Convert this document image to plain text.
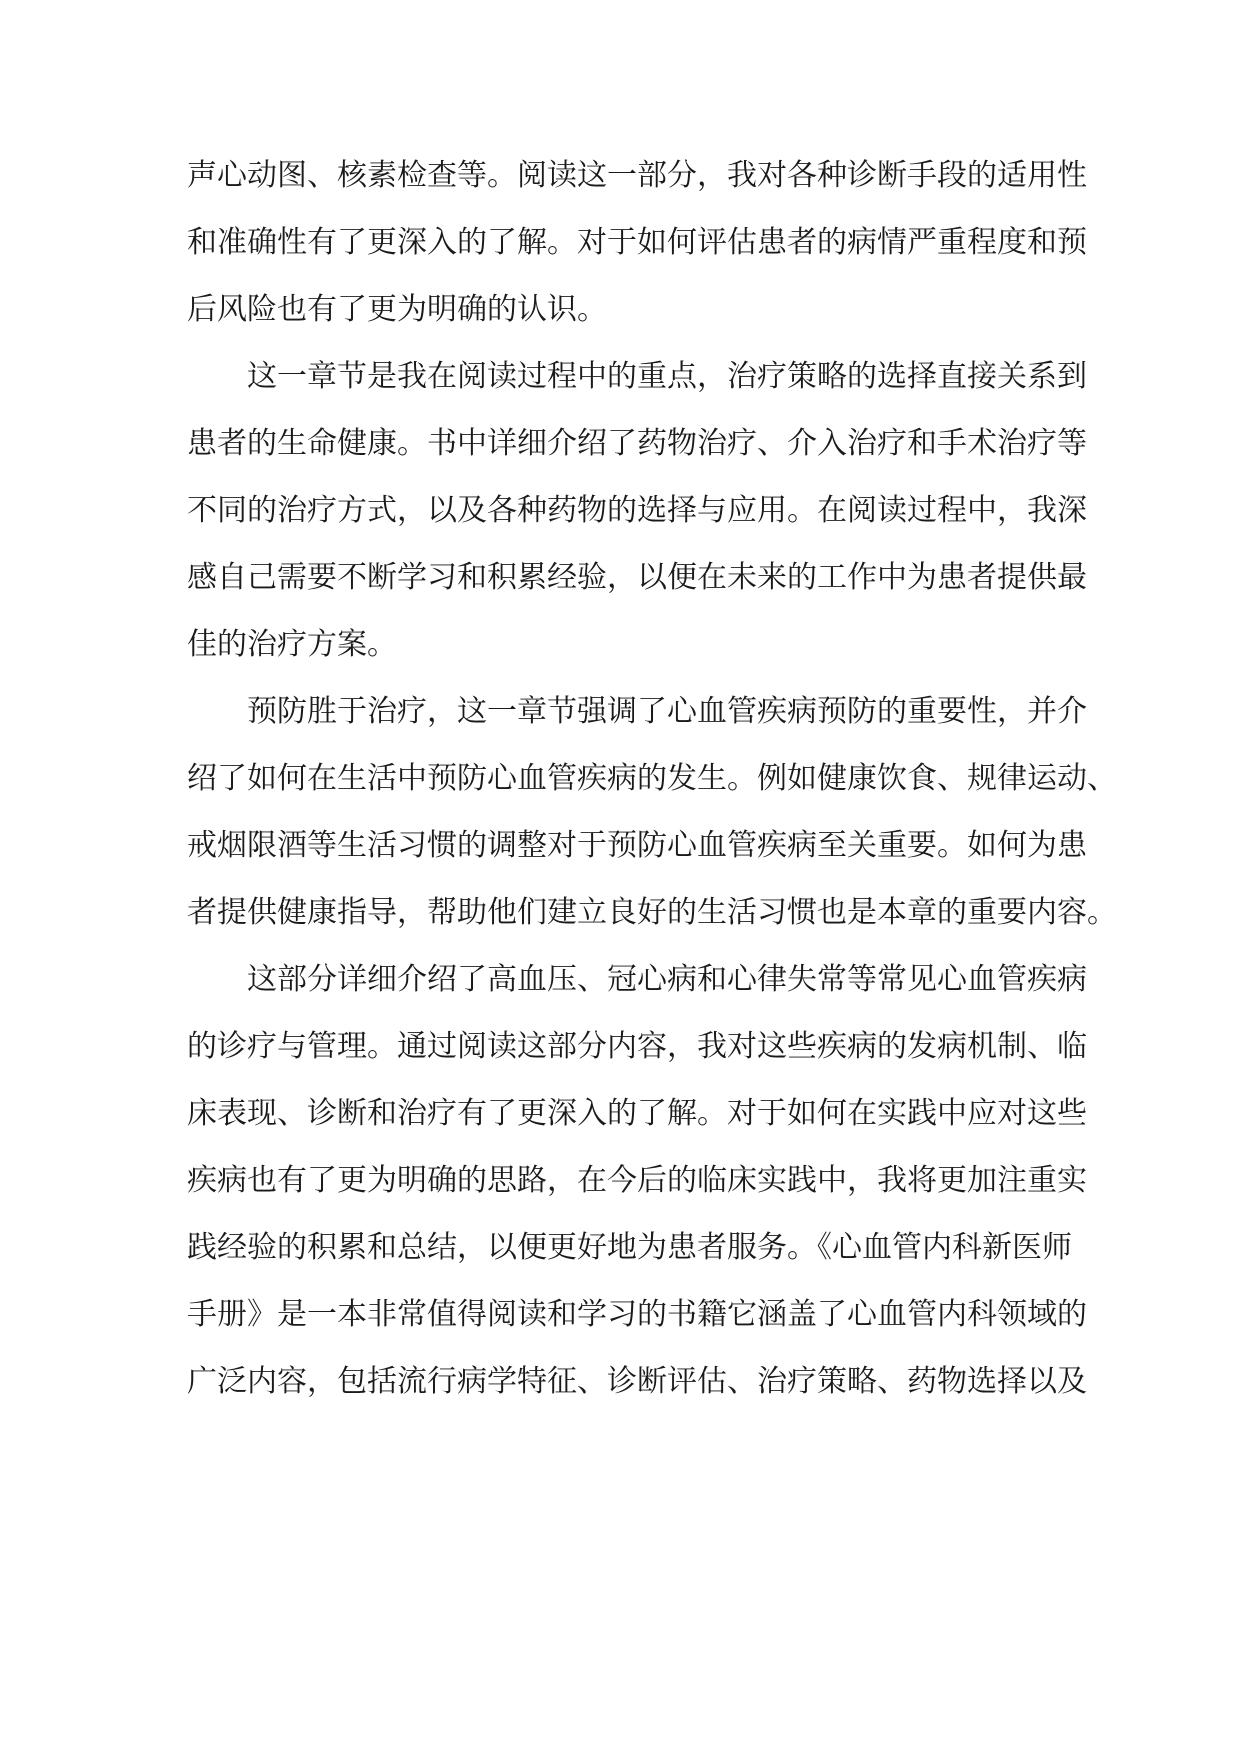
声心动图、核素检查等。阅读这一部分，我对各种诊断手段的适用性
和准确性有了更深入的了解。对于如何评估患者的病情严重程度和预
后风险也有了更为明确的认识。
这一章节是我在阅读过程中的重点，治疗策略的选择直接关系到
患者的生命健康。书中详细介绍了药物治疗、介入治疗和手术治疗等
不同的治疗方式，以及各种药物的选择与应用。在阅读过程中，我深
感自己需要不断学习和积累经验，以便在未来的工作中为患者提供最
佳的治疗方案。
预防胜于治疗，这一章节强调了心血管疾病预防的重要性，并介
绍了如何在生活中预防心血管疾病的发生。例如健康饮食、规律运动、
戒烟限酒等生活习惯的调整对于预防心血管疾病至关重要。如何为患
者提供健康指导，帮助他们建立良好的生活习惯也是本章的重要内容。
这部分详细介绍了高血压、冠心病和心律失常等常见心血管疾病
的诊疗与管理。通过阅读这部分内容，我对这些疾病的发病机制、临
床表现、诊断和治疗有了更深入的了解。对于如何在实践中应对这些
疾病也有了更为明确的思路，在今后的临床实践中，我将更加注重实
践经验的积累和总结，以便更好地为患者服务。《心血管内科新医师
手册》是一本非常值得阅读和学习的书籍它涵盖了心血管内科领域的
广泛内容，包括流行病学特征、诊断评估、治疗策略、药物选择以及
